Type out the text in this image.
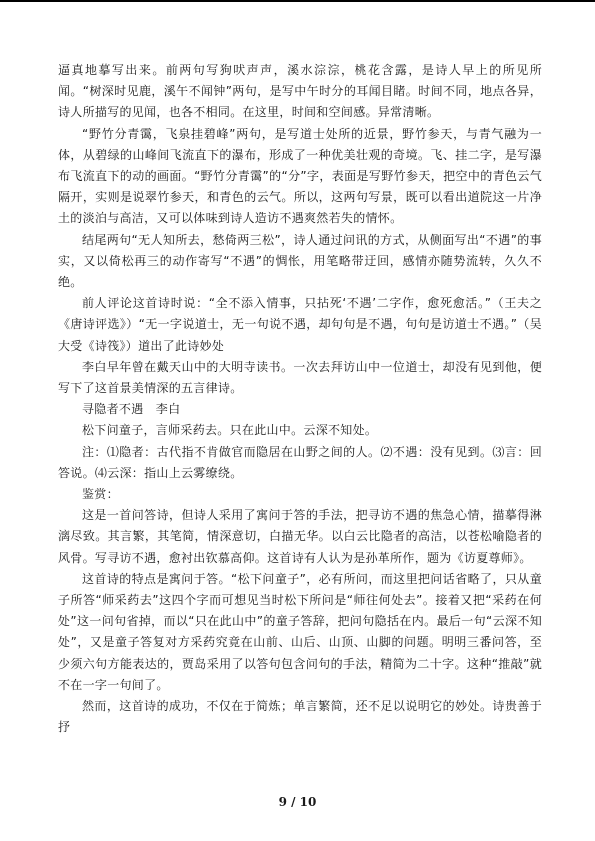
逼真地摹写出来。前两句写狗吠声声，溪水淙淙，桃花含露，是诗人早上的所见所闻。“树深时见鹿，溪午不闻钟”两句，是写中午时分的耳闻目睹。时间不同，地点各异，诗人所描写的见闻，也各不相同。在这里，时间和空间感。异常清晰。

“野竹分青霭，飞泉挂碧峰”两句，是写道士处所的近景，野竹参天，与青气融为一体，从碧绿的山峰间飞流直下的瀑布，形成了一种优美壮观的奇境。飞、挂二字，是写瀑布飞流直下的动的画面。“野竹分青霭”的“分”字，表面是写野竹参天，把空中的青色云气隔开，实则是说翠竹参天，和青色的云气。所以，这两句写景，既可以看出道院这一片净土的淡泊与高洁，又可以体味到诗人造访不遇爽然若失的情怀。

结尾两句“无人知所去，愁倚两三松”，诗人通过问讯的方式，从侧面写出“不遇”的事实，又以倚松再三的动作寄写“不遇”的惆怅，用笔略带迂回，感情亦随势流转，久久不绝。

前人评论这首诗时说：“全不添入情事，只拈死‘不遇’二字作，愈死愈活。”（王夫之《唐诗评选》）“无一字说道士，无一句说不遇，却句句是不遇，句句是访道士不遇。”（吴大受《诗筏》）道出了此诗妙处

李白早年曾在戴天山中的大明寺读书。一次去拜访山中一位道士，却没有见到他，便写下了这首景美情深的五言律诗。

寻隐者不遇　李白

松下问童子，言师采药去。只在此山中。云深不知处。

注：⑴隐者：古代指不肯做官而隐居在山野之间的人。⑵不遇：没有见到。⑶言：回答说。⑷云深：指山上云雾缭绕。

鉴赏：

这是一首问答诗，但诗人采用了寓问于答的手法，把寻访不遇的焦急心情，描摹得淋漓尽致。其言繁，其笔简，情深意切，白描无华。以白云比隐者的高洁，以苍松喻隐者的风骨。写寻访不遇，愈衬出钦慕高仰。这首诗有人认为是孙革所作，题为《访夏尊师》。

这首诗的特点是寓问于答。“松下问童子”，必有所问，而这里把问话省略了，只从童子所答“师采药去”这四个字而可想见当时松下所问是“师往何处去”。接着又把“采药在何处”这一问句省掉，而以“只在此山中”的童子答辞，把问句隐括在内。最后一句“云深不知处”，又是童子答复对方采药究竟在山前、山后、山顶、山脚的问题。明明三番问答，至少须六句方能表达的，贾岛采用了以答句包含问句的手法，精简为二十字。这种“推敲”就不在一字一句间了。

然而，这首诗的成功，不仅在于简炼；单言繁简，还不足以说明它的妙处。诗贵善于抒

9 / 10
